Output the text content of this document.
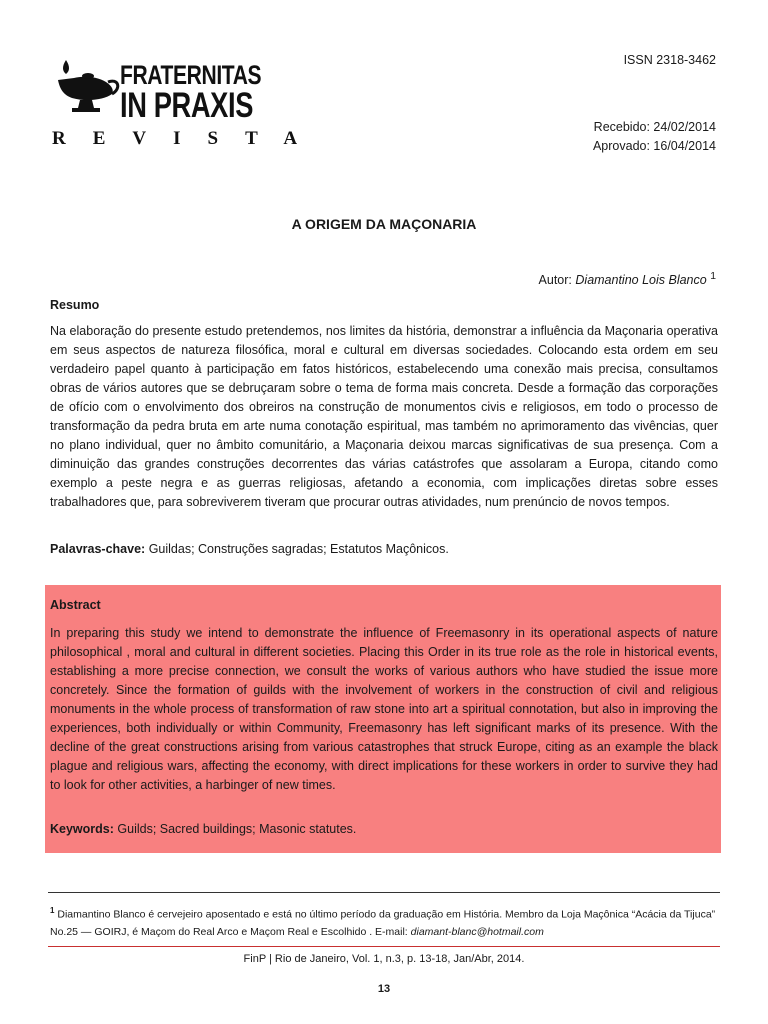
FRATERNITAS
IN PRAXIS
REVISTA
ISSN 2318-3462
Recebido: 24/02/2014
Aprovado: 16/04/2014
A ORIGEM DA MAÇONARIA
Autor: Diamantino Lois Blanco $^1$
Resumo
Na elaboração do presente estudo pretendemos, nos limites da história, demonstrar a influência da Maçonaria operativa em seus aspectos de natureza filosófica, moral e cultural em diversas sociedades. Colocando esta ordem em seu verdadeiro papel quanto à participação em fatos históricos, estabelecendo uma conexão mais precisa, consultamos obras de vários autores que se debruçaram sobre o tema de forma mais concreta. Desde a formação das corporações de ofício com o envolvimento dos obreiros na construção de monumentos civis e religiosos, em todo o processo de transformação da pedra bruta em arte numa conotação espiritual, mas também no aprimoramento das vivências, quer no plano individual, quer no âmbito comunitário, a Maçonaria deixou marcas significativas de sua presença. Com a diminuição das grandes construções decorrentes das várias catástrofes que assolaram a Europa, citando como exemplo a peste negra e as guerras religiosas, afetando a economia, com implicações diretas sobre esses trabalhadores que, para sobreviverem tiveram que procurar outras atividades, num prenúncio de novos tempos.
Palavras-chave: Guildas; Construções sagradas; Estatutos Maçônicos.
Abstract
In preparing this study we intend to demonstrate the influence of Freemasonry in its operational aspects of nature philosophical , moral and cultural in different societies. Placing this Order in its true role as the role in historical events, establishing a more precise connection, we consult the works of various authors who have studied the issue more concretely. Since the formation of guilds with the involvement of workers in the construction of civil and religious monuments in the whole process of transformation of raw stone into art a spiritual connotation, but also in improving the experiences, both individually or within Community, Freemasonry has left significant marks of its presence. With the decline of the great constructions arising from various catastrophes that struck Europe, citing as an example the black plague and religious wars, affecting the economy, with direct implications for these workers in order to survive they had to look for other activities, a harbinger of new times.
Keywords: Guilds; Sacred buildings; Masonic statutes.
$^1$ Diamantino Blanco é cervejeiro aposentado e está no último período da graduação em História. Membro da Loja Maçônica “Acácia da Tijuca” No.25 — GOIRJ, é Maçom do Real Arco e Maçom Real e Escolhido . E-mail: diamant-blanc@hotmail.com
FinP | Rio de Janeiro, Vol. 1, n.3, p. 13-18, Jan/Abr, 2014.
13
